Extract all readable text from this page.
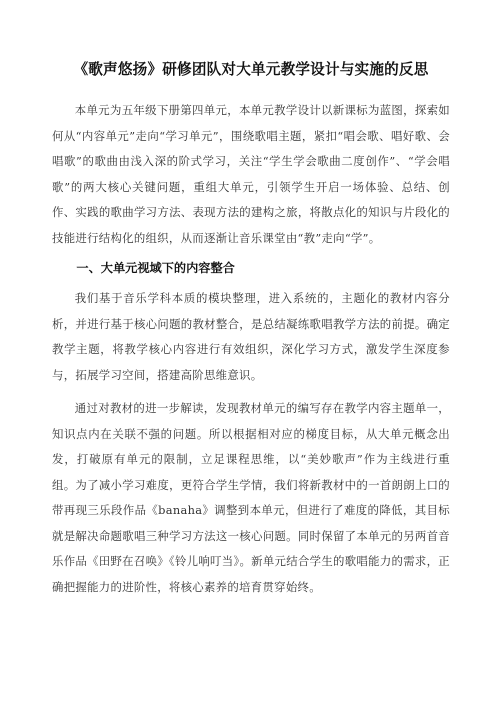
《歌声悠扬》研修团队对大单元教学设计与实施的反思

本单元为五年级下册第四单元，本单元教学设计以新课标为蓝图，探索如何从“内容单元”走向“学习单元”，围绕歌唱主题，紧扣“唱会歌、唱好歌、会唱歌”的歌曲由浅入深的阶式学习，关注“学生学会歌曲二度创作”、“学会唱歌”的两大核心关键问题，重组大单元，引领学生开启一场体验、总结、创作、实践的歌曲学习方法、表现方法的建构之旅，将散点化的知识与片段化的技能进行结构化的组织，从而逐渐让音乐课堂由“教”走向“学”。

一、大单元视域下的内容整合

我们基于音乐学科本质的模块整理，进入系统的，主题化的教材内容分析，并进行基于核心问题的教材整合，是总结凝练歌唱教学方法的前提。确定教学主题，将教学核心内容进行有效组织，深化学习方式，激发学生深度参与，拓展学习空间，搭建高阶思维意识。

通过对教材的进一步解读，发现教材单元的编写存在教学内容主题单一，知识点内在关联不强的问题。所以根据相对应的梯度目标，从大单元概念出发，打破原有单元的限制，立足课程思维，以“美妙歌声”作为主线进行重组。为了减小学习难度，更符合学生学情，我们将新教材中的一首朗朗上口的带再现三乐段作品《banaha》调整到本单元，但进行了难度的降低，其目标就是解决命题歌唱三种学习方法这一核心问题。同时保留了本单元的另两首音乐作品《田野在召唤》《铃儿响叮当》。新单元结合学生的歌唱能力的需求，正确把握能力的进阶性，将核心素养的培育贯穿始终。
